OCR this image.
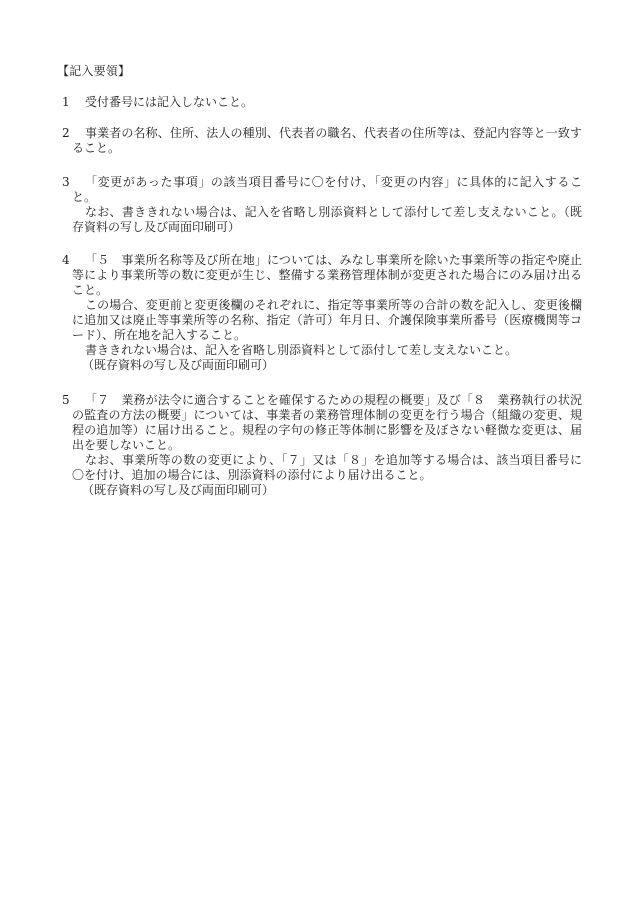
【記入要領】
1	受付番号には記入しないこと。

2	事業者の名称、住所、法人の種別、代表者の職名、代表者の住所等は、登記内容等と一致すること。

3	「変更があった事項」の該当項目番号に〇を付け、「変更の内容」に具体的に記入すること。

なお、書ききれない場合は、記入を省略し別添資料として添付して差し支えないこと。（既存資料の写し及び両面印刷可）

4	「５　事業所名称等及び所在地」については、みなし事業所を除いた事業所等の指定や廃止等により事業所等の数に変更が生じ、整備する業務管理体制が変更された場合にのみ届け出ること。

この場合、変更前と変更後欄のそれぞれに、指定等事業所等の合計の数を記入し、変更後欄に追加又は廃止等事業所等の名称、指定（許可）年月日、介護保険事業所番号（医療機関等コード）、所在地を記入すること。

書ききれない場合は、記入を省略し別添資料として添付して差し支えないこと。

（既存資料の写し及び両面印刷可）

5	「７　業務が法令に適合することを確保するための規程の概要」及び「８　業務執行の状況の監査の方法の概要」については、事業者の業務管理体制の変更を行う場合（組織の変更、規程の追加等）に届け出ること。規程の字句の修正等体制に影響を及ぼさない軽微な変更は、届出を要しないこと。

なお、事業所等の数の変更により、「７」又は「８」を追加等する場合は、該当項目番号に〇を付け、追加の場合には、別添資料の添付により届け出ること。

（既存資料の写し及び両面印刷可）
